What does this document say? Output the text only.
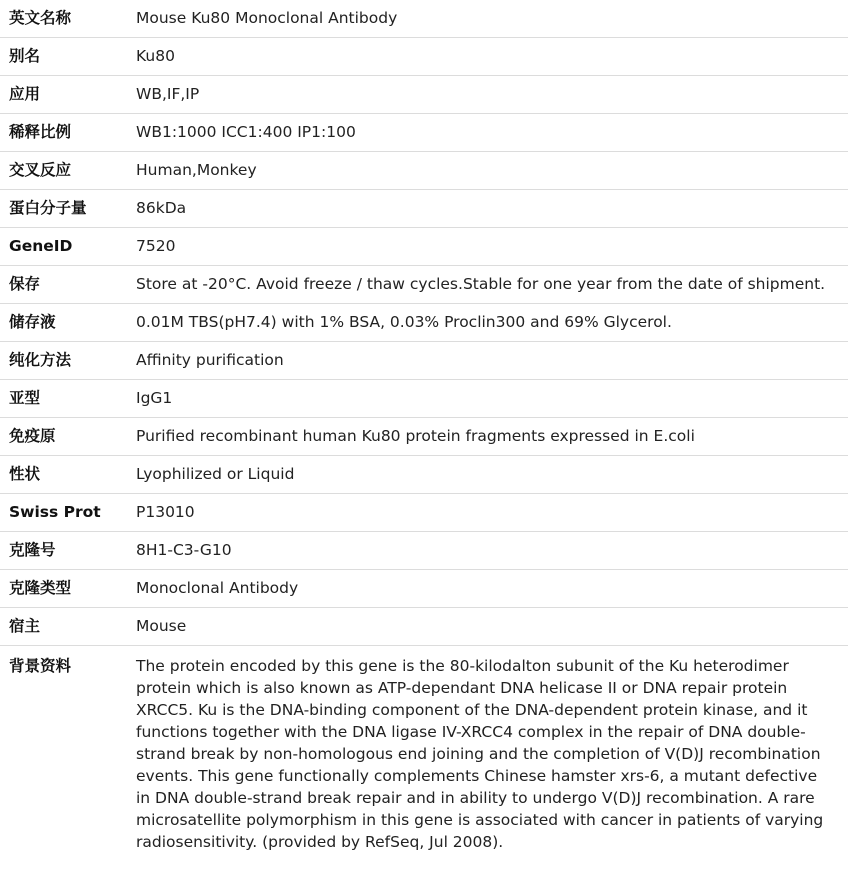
英文名称	Mouse Ku80 Monoclonal Antibody
别名	Ku80
应用	WB,IF,IP
稀释比例	WB1:1000 ICC1:400 IP1:100
交叉反应	Human,Monkey
蛋白分子量	86kDa
GeneID	7520
保存	Store at -20°C. Avoid freeze / thaw cycles.Stable for one year from the date of shipment.
储存液	0.01M TBS(pH7.4) with 1% BSA, 0.03% Proclin300 and 69% Glycerol.
纯化方法	Affinity purification
亚型	IgG1
免疫原	Purified recombinant human Ku80 protein fragments expressed in E.coli
性状	Lyophilized or Liquid
Swiss Prot	P13010
克隆号	8H1-C3-G10
克隆类型	Monoclonal Antibody
宿主	Mouse
背景资料	The protein encoded by this gene is the 80-kilodalton subunit of the Ku heterodimer protein which is also known as ATP-dependant DNA helicase II or DNA repair protein XRCC5. Ku is the DNA-binding component of the DNA-dependent protein kinase, and it functions together with the DNA ligase IV-XRCC4 complex in the repair of DNA double-strand break by non-homologous end joining and the completion of V(D)J recombination events. This gene functionally complements Chinese hamster xrs-6, a mutant defective in DNA double-strand break repair and in ability to undergo V(D)J recombination. A rare microsatellite polymorphism in this gene is associated with cancer in patients of varying radiosensitivity. (provided by RefSeq, Jul 2008).
